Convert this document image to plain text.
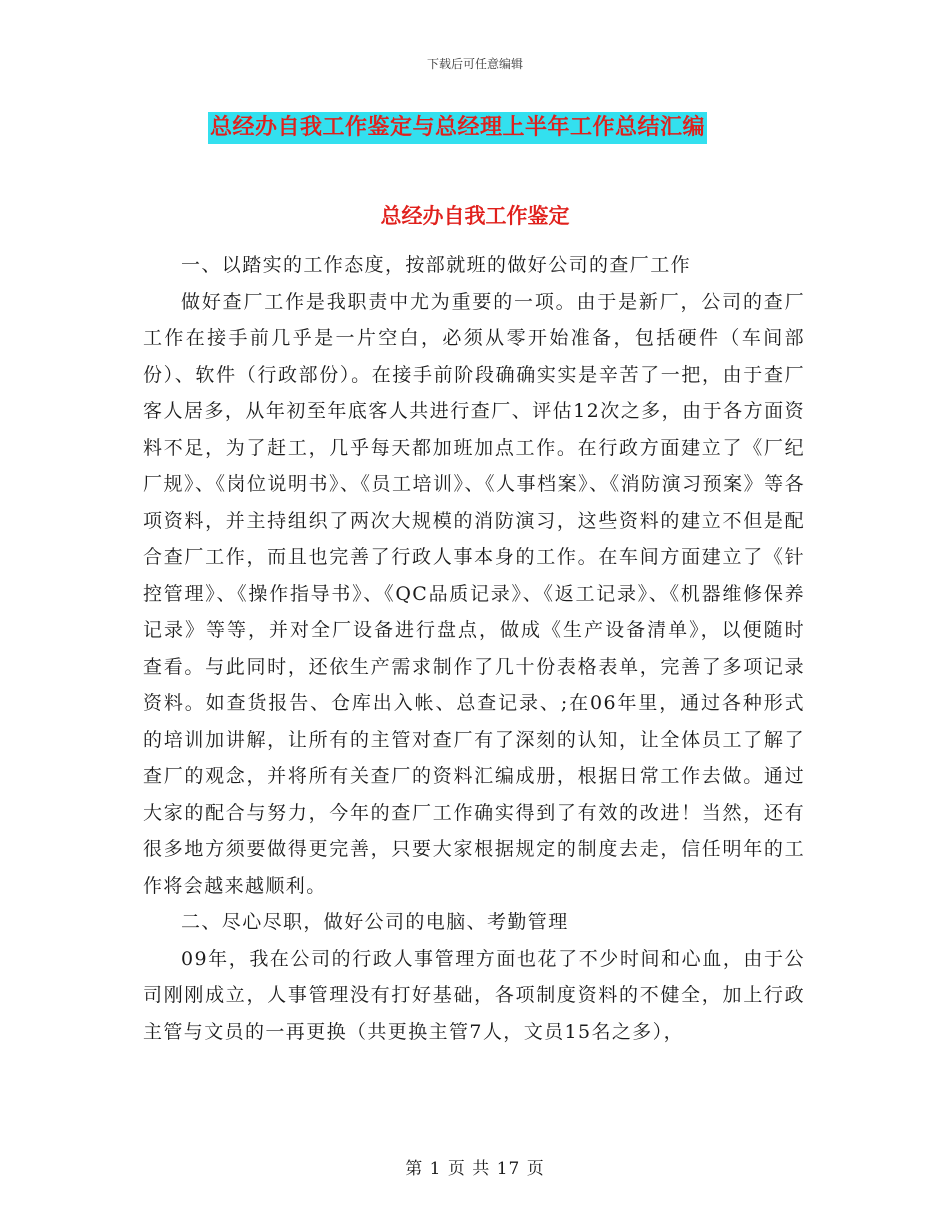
下载后可任意编辑
总经办自我工作鉴定与总经理上半年工作总结汇编
总经办自我工作鉴定

一、以踏实的工作态度，按部就班的做好公司的查厂工作

做好查厂工作是我职责中尤为重要的一项。由于是新厂，公司的查厂工作在接手前几乎是一片空白，必须从零开始准备，包括硬件（车间部份）、软件（行政部份）。在接手前阶段确确实实是辛苦了一把，由于查厂客人居多，从年初至年底客人共进行查厂、评估12次之多，由于各方面资料不足，为了赶工，几乎每天都加班加点工作。在行政方面建立了《厂纪厂规》、《岗位说明书》、《员工培训》、《人事档案》、《消防演习预案》等各项资料，并主持组织了两次大规模的消防演习，这些资料的建立不但是配合查厂工作，而且也完善了行政人事本身的工作。在车间方面建立了《针控管理》、《操作指导书》、《QC品质记录》、《返工记录》、《机器维修保养记录》等等，并对全厂设备进行盘点，做成《生产设备清单》，以便随时查看。与此同时，还依生产需求制作了几十份表格表单，完善了多项记录资料。如查货报告、仓库出入帐、总查记录、;在06年里，通过各种形式的培训加讲解，让所有的主管对查厂有了深刻的认知，让全体员工了解了查厂的观念，并将所有关查厂的资料汇编成册，根据日常工作去做。通过大家的配合与努力，今年的查厂工作确实得到了有效的改进！当然，还有很多地方须要做得更完善，只要大家根据规定的制度去走，信任明年的工作将会越来越顺利。

二、尽心尽职，做好公司的电脑、考勤管理

09年，我在公司的行政人事管理方面也花了不少时间和心血，由于公司刚刚成立，人事管理没有打好基础，各项制度资料的不健全，加上行政主管与文员的一再更换（共更换主管7人，文员15名之多），

第 1 页 共 17 页
